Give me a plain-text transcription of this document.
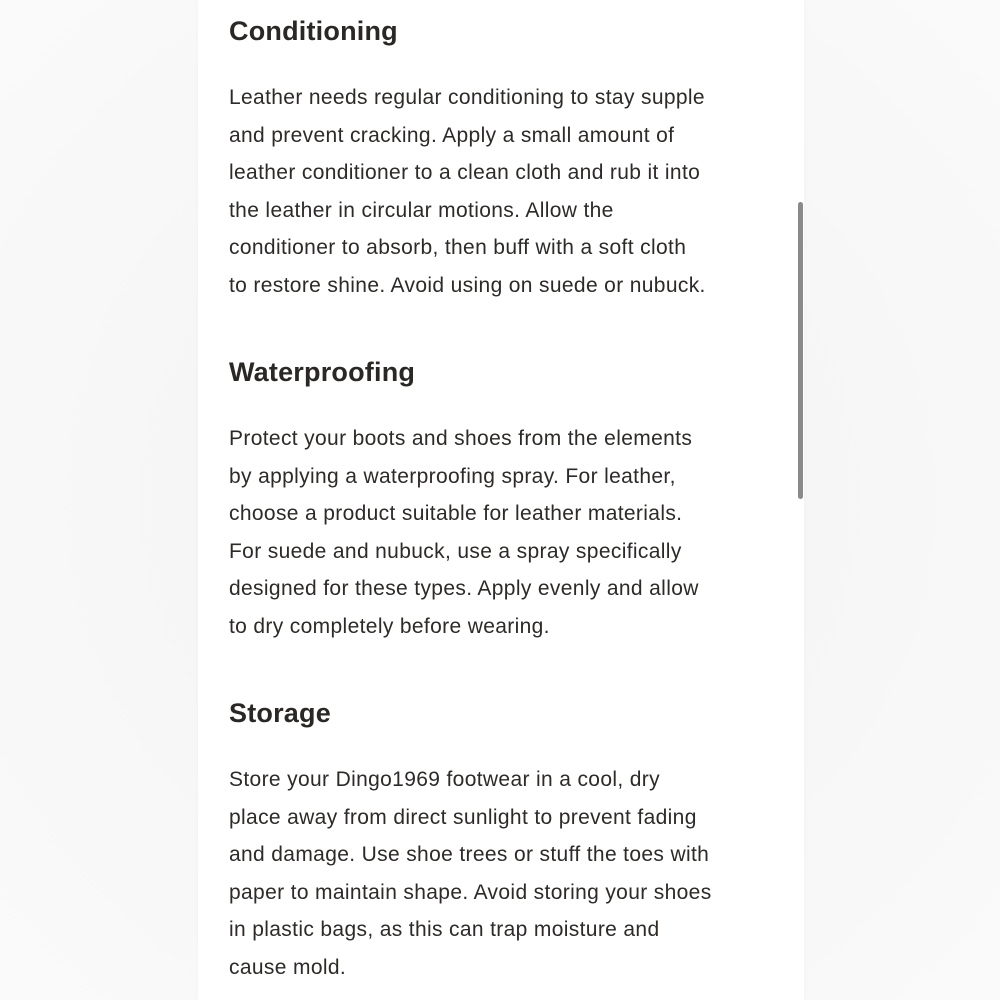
Conditioning

Leather needs regular conditioning to stay supple
and prevent cracking. Apply a small amount of
leather conditioner to a clean cloth and rub it into
the leather in circular motions. Allow the
conditioner to absorb, then buff with a soft cloth
to restore shine. Avoid using on suede or nubuck.

Waterproofing

Protect your boots and shoes from the elements
by applying a waterproofing spray. For leather,
choose a product suitable for leather materials.
For suede and nubuck, use a spray specifically
designed for these types. Apply evenly and allow
to dry completely before wearing.

Storage

Store your Dingo1969 footwear in a cool, dry
place away from direct sunlight to prevent fading
and damage. Use shoe trees or stuff the toes with
paper to maintain shape. Avoid storing your shoes
in plastic bags, as this can trap moisture and
cause mold.
